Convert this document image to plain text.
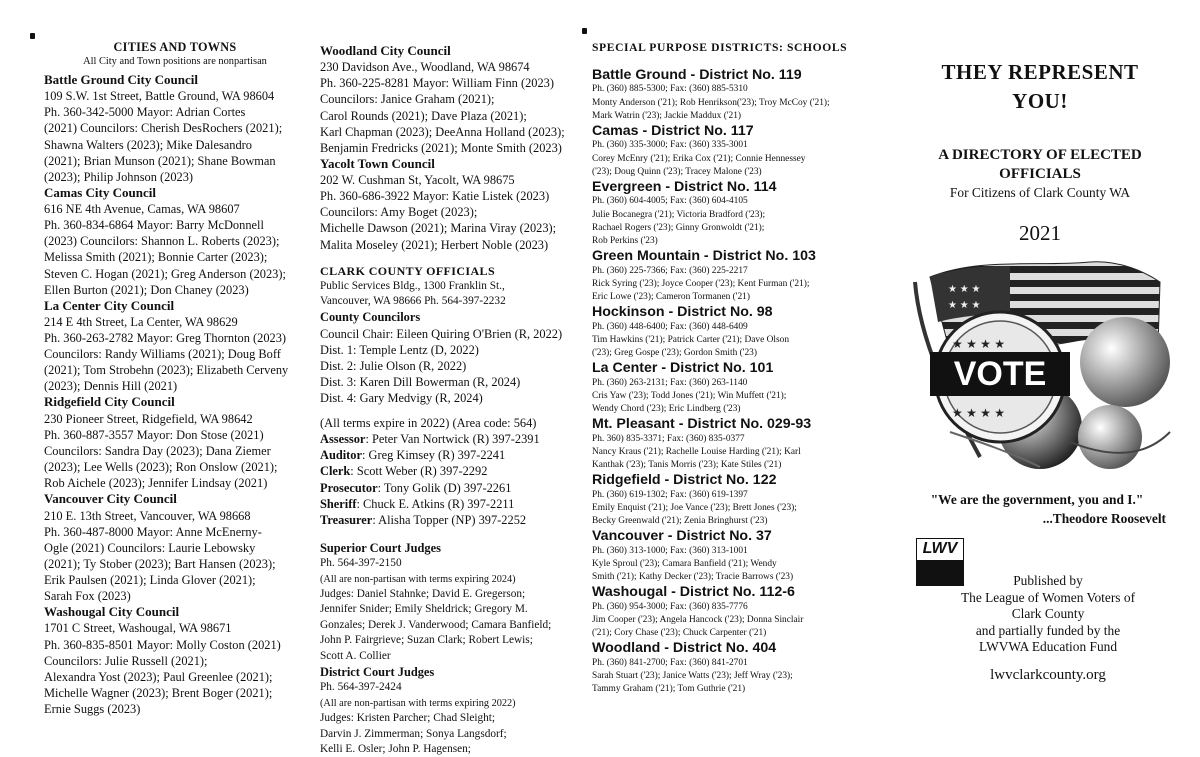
CITIES AND TOWNS
All City and Town positions are nonpartisan
Battle Ground City Council
109 S.W. 1st Street, Battle Ground, WA 98604
Ph. 360-342-5000 Mayor: Adrian Cortes
(2021) Councilors: Cherish DesRochers (2021);
Shawna Walters (2023); Mike Dalesandro
(2021); Brian Munson (2021); Shane Bowman
(2023); Philip Johnson (2023)
Camas City Council
616 NE 4th Avenue, Camas, WA 98607
Ph. 360-834-6864 Mayor: Barry McDonnell
(2023) Councilors: Shannon L. Roberts (2023);
Melissa Smith (2021); Bonnie Carter (2023);
Steven C. Hogan (2021); Greg Anderson (2023);
Ellen Burton (2021); Don Chaney (2023)
La Center City Council
214 E 4th Street, La Center, WA 98629
Ph. 360-263-2782 Mayor: Greg Thornton (2023)
Councilors: Randy Williams (2021); Doug Boff
(2021); Tom Strobehn (2023); Elizabeth Cerveny
(2023); Dennis Hill (2021)
Ridgefield City Council
230 Pioneer Street, Ridgefield, WA 98642
Ph. 360-887-3557 Mayor: Don Stose (2021)
Councilors: Sandra Day (2023); Dana Ziemer
(2023); Lee Wells (2023); Ron Onslow (2021);
Rob Aichele (2023); Jennifer Lindsay (2021)
Vancouver City Council
210 E. 13th Street, Vancouver, WA 98668
Ph. 360-487-8000 Mayor: Anne McEnerny-
Ogle (2021) Councilors: Laurie Lebowsky
(2021); Ty Stober (2023); Bart Hansen (2023);
Erik Paulsen (2021); Linda Glover (2021);
Sarah Fox (2023)
Washougal City Council
1701 C Street, Washougal, WA 98671
Ph. 360-835-8501 Mayor: Molly Coston (2021)
Councilors: Julie Russell (2021);
Alexandra Yost (2023); Paul Greenlee (2021);
Michelle Wagner (2023); Brent Boger (2021);
Ernie Suggs (2023)
Woodland City Council
230 Davidson Ave., Woodland, WA 98674
Ph. 360-225-8281 Mayor: William Finn (2023)
Councilors: Janice Graham (2021);
Carol Rounds (2021); Dave Plaza (2021);
Karl Chapman (2023); DeeAnna Holland (2023);
Benjamin Fredricks (2021); Monte Smith (2023)
Yacolt Town Council
202 W. Cushman St, Yacolt, WA 98675
Ph. 360-686-3922 Mayor: Katie Listek (2023)
Councilors: Amy Boget (2023);
Michelle Dawson (2021); Marina Viray (2023);
Malita Moseley (2021); Herbert Noble (2023)
CLARK COUNTY OFFICIALS
Public Services Bldg., 1300 Franklin St.,
Vancouver, WA 98666 Ph. 564-397-2232
County Councilors
Council Chair: Eileen Quiring O'Brien (R, 2022)
Dist. 1: Temple Lentz (D, 2022)
Dist. 2: Julie Olson (R, 2022)
Dist. 3: Karen Dill Bowerman (R, 2024)
Dist. 4: Gary Medvigy (R, 2024)
(All terms expire in 2022) (Area code: 564)
Assessor: Peter Van Nortwick (R) 397-2391
Auditor: Greg Kimsey (R) 397-2241
Clerk: Scott Weber (R) 397-2292
Prosecutor: Tony Golik (D) 397-2261
Sheriff: Chuck E. Atkins (R) 397-2211
Treasurer: Alisha Topper (NP) 397-2252
Superior Court Judges
Ph. 564-397-2150
(All are non-partisan with terms expiring 2024)
Judges: Daniel Stahnke; David E. Gregerson;
Jennifer Snider; Emily Sheldrick; Gregory M.
Gonzales; Derek J. Vanderwood; Camara Banfield;
John P. Fairgrieve; Suzan Clark; Robert Lewis;
Scott A. Collier
District Court Judges
Ph. 564-397-2424
(All are non-partisan with terms expiring 2022)
Judges: Kristen Parcher; Chad Sleight;
Darvin J. Zimmerman; Sonya Langsdorf;
Kelli E. Osler; John P. Hagensen;
SPECIAL PURPOSE DISTRICTS: SCHOOLS
Battle Ground - District No. 119
Ph. (360) 885-5300; Fax: (360) 885-5310
Monty Anderson ('21); Rob Henrikson('23); Troy McCoy ('21);
Mark Watrin ('23); Jackie Maddux ('21)
Camas - District No. 117
Ph. (360) 335-3000; Fax: (360) 335-3001
Corey McEnry ('21); Erika Cox ('21); Connie Hennessey
('23); Doug Quinn ('23); Tracey Malone ('23)
Evergreen - District No. 114
Ph. (360) 604-4005; Fax: (360) 604-4105
Julie Bocanegra ('21); Victoria Bradford ('23);
Rachael Rogers ('23); Ginny Gronwoldt ('21);
Rob Perkins ('23)
Green Mountain - District No. 103
Ph. (360) 225-7366; Fax: (360) 225-2217
Rick Syring ('23); Joyce Cooper ('23); Kent Furman ('21);
Eric Lowe ('23); Cameron Tormanen ('21)
Hockinson - District No. 98
Ph. (360) 448-6400; Fax: (360) 448-6409
Tim Hawkins ('21); Patrick Carter ('21); Dave Olson
('23); Greg Gospe ('23); Gordon Smith ('23)
La Center - District No. 101
Ph. (360) 263-2131; Fax: (360) 263-1140
Cris Yaw ('23); Todd Jones ('21); Win Muffett ('21);
Wendy Chord ('23); Eric Lindberg ('23)
Mt. Pleasant - District No. 029-93
Ph. 360) 835-3371; Fax: (360) 835-0377
Nancy Kraus ('21); Rachelle Louise Harding ('21); Karl
Kanthak ('23); Tanis Morris ('23); Kate Stiles ('21)
Ridgefield - District No. 122
Ph. (360) 619-1302; Fax: (360) 619-1397
Emily Enquist ('21); Joe Vance ('23); Brett Jones ('23);
Becky Greenwald ('21); Zenia Bringhurst ('23)
Vancouver - District No. 37
Ph. (360) 313-1000; Fax: (360) 313-1001
Kyle Sproul ('23); Camara Banfield ('21); Wendy
Smith ('21); Kathy Decker ('23); Tracie Barrows ('23)
Washougal - District No. 112-6
Ph. (360) 954-3000; Fax: (360) 835-7776
Jim Cooper ('23); Angela Hancock ('23); Donna Sinclair
('21); Cory Chase ('23); Chuck Carpenter ('21)
Woodland - District No. 404
Ph. (360) 841-2700; Fax: (360) 841-2701
Sarah Stuart ('23); Janice Watts ('23); Jeff Wray ('23);
Tammy Graham ('21); Tom Guthrie ('21)
THEY REPRESENT
YOU!
A DIRECTORY OF ELECTED
OFFICIALS
For Citizens of Clark County WA
2021
★ ★ ★
★ ★ ★
★ ★ ★ ★
VOTE
★ ★ ★ ★
"We are the government, you and I."
...Theodore Roosevelt
LWV
Published by
The League of Women Voters of
Clark County
and partially funded by the
LWVWA Education Fund
lwvclarkcounty.org
